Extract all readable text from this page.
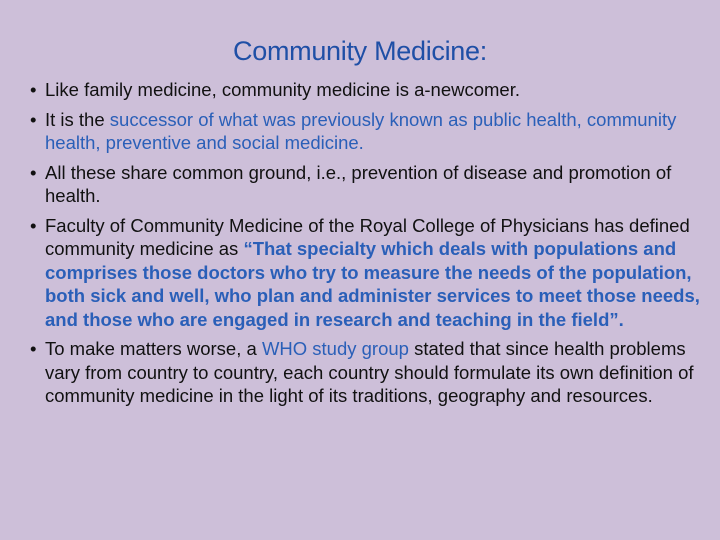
Community Medicine:
• Like family medicine, community medicine is a-newcomer.
• It is the successor of what was previously known as public health, community health, preventive and social medicine.
• All these share common ground, i.e., prevention of disease and promotion of health.
• Faculty of Community Medicine of the Royal College of Physicians has defined community medicine as “That specialty which deals with populations and comprises those doctors who try to measure the needs of the population, both sick and well, who plan and administer services to meet those needs, and those who are engaged in research and teaching in the field”.
• To make matters worse, a WHO study group stated that since health problems vary from country to country, each country should formulate its own definition of community medicine in the light of its traditions, geography and resources.
